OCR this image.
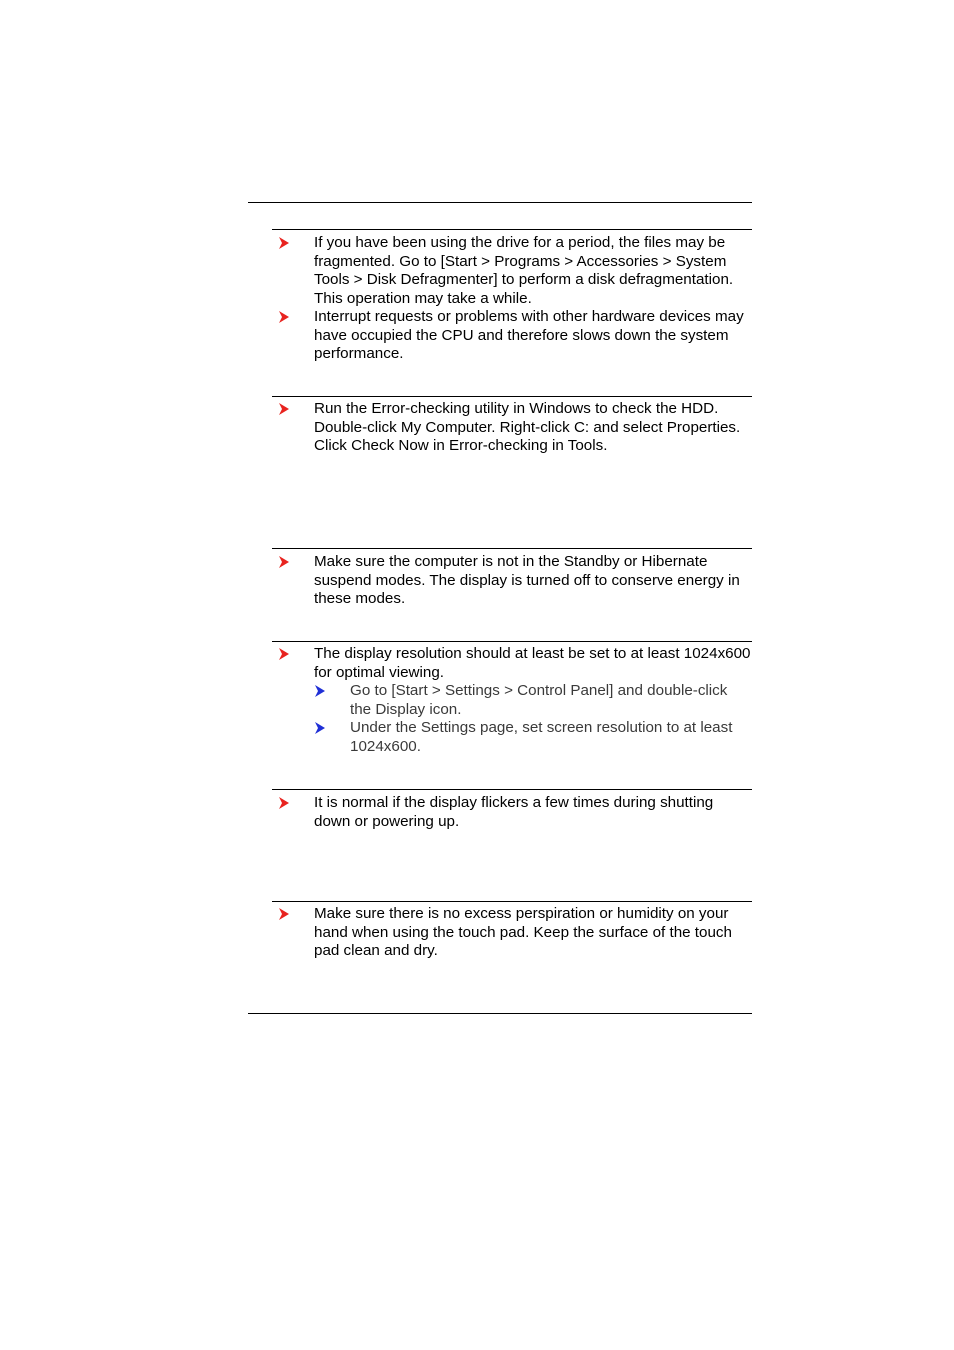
If you have been using the drive for a period, the files may be fragmented. Go to [Start > Programs > Accessories > System Tools > Disk Defragmenter] to perform a disk defragmentation. This operation may take a while.
Interrupt requests or problems with other hardware devices may have occupied the CPU and therefore slows down the system performance.
Run the Error-checking utility in Windows to check the HDD. Double-click My Computer. Right-click C: and select Properties. Click Check Now in Error-checking in Tools.
Make sure the computer is not in the Standby or Hibernate suspend modes. The display is turned off to conserve energy in these modes.
The display resolution should at least be set to at least 1024x600 for optimal viewing.
Go to [Start > Settings > Control Panel] and double-click the Display icon.
Under the Settings page, set screen resolution to at least 1024x600.
It is normal if the display flickers a few times during shutting down or powering up.
Make sure there is no excess perspiration or humidity on your hand when using the touch pad. Keep the surface of the touch pad clean and dry.
